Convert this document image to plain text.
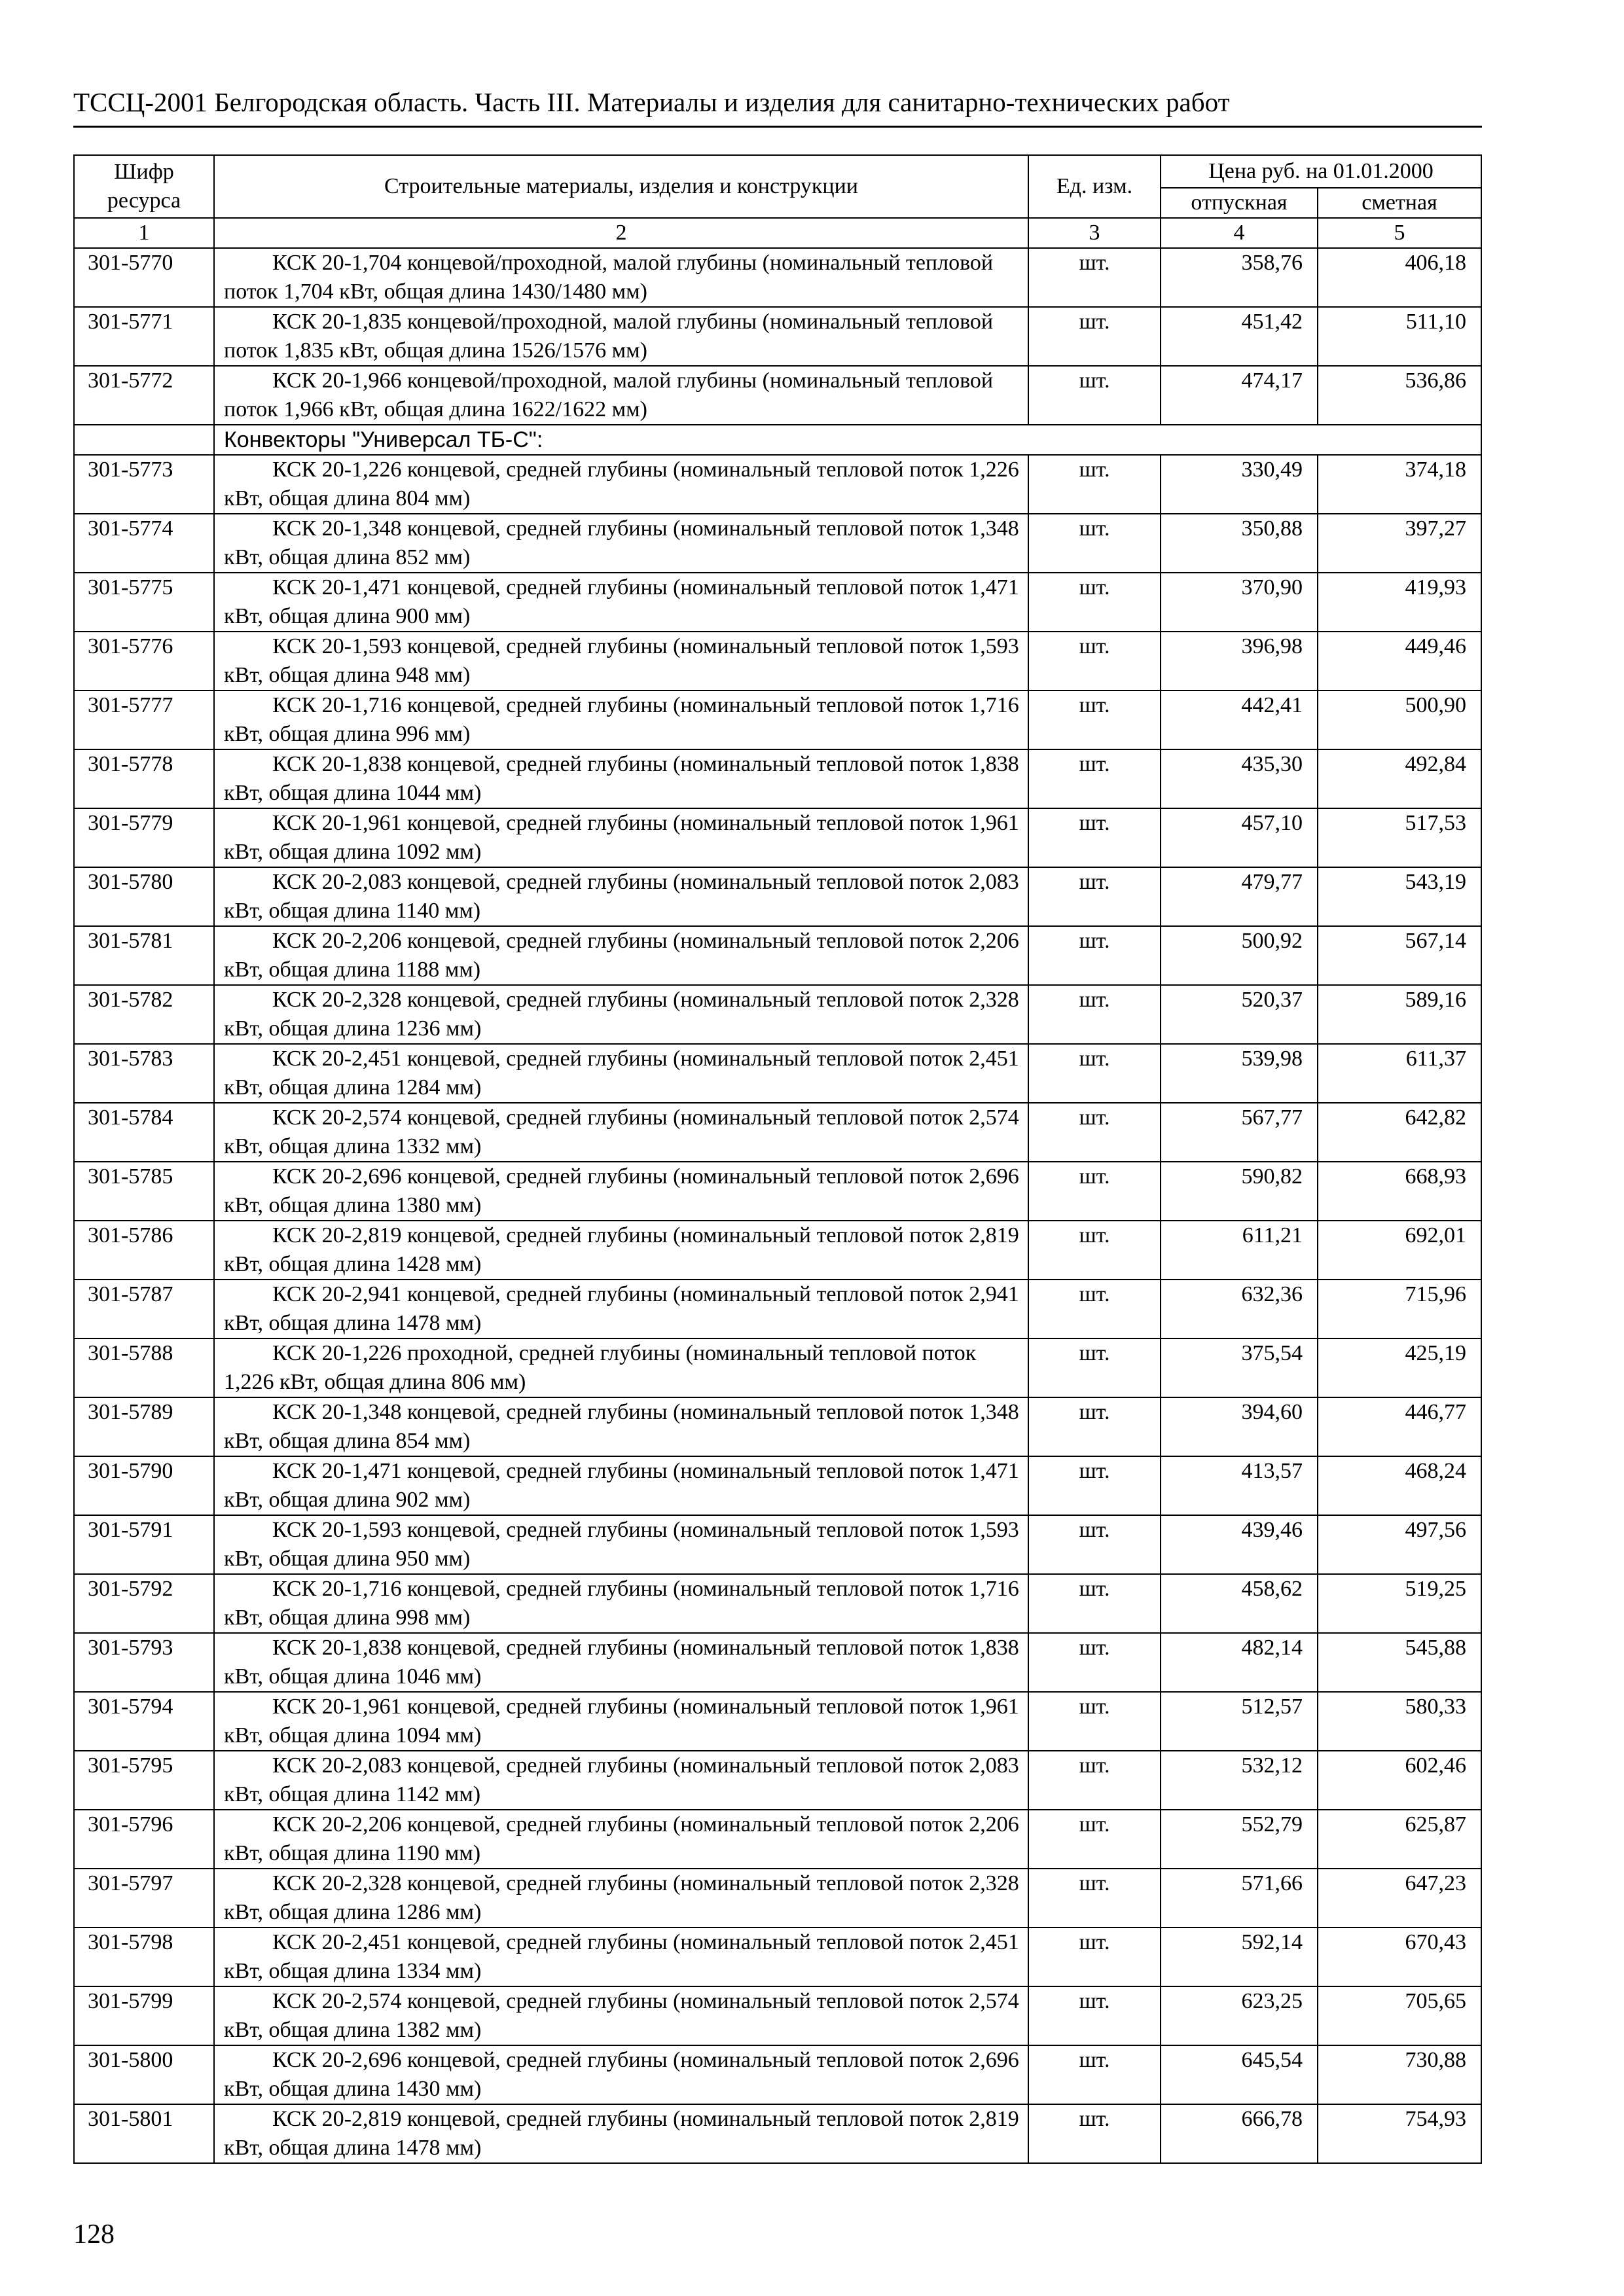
ТССЦ-2001 Белгородская область. Часть III. Материалы и изделия для санитарно-технических работ
Шифр ресурса	Строительные материалы, изделия и конструкции	Ед. изм.	Цена руб. на 01.01.2000	
			отпускная	сметная
1	2	3	4	5
301-5770	КСК 20-1,704 концевой/проходной, малой глубины (номинальный тепловой поток 1,704 кВт, общая длина 1430/1480 мм)	шт.	358,76	406,18
301-5771	КСК 20-1,835 концевой/проходной, малой глубины (номинальный тепловой поток 1,835 кВт, общая длина 1526/1576 мм)	шт.	451,42	511,10
301-5772	КСК 20-1,966 концевой/проходной, малой глубины (номинальный тепловой поток 1,966 кВт, общая длина 1622/1622 мм)	шт.	474,17	536,86
	Конвекторы "Универсал ТБ-С":			
301-5773	КСК 20-1,226 концевой, средней глубины (номинальный тепловой поток 1,226 кВт, общая длина 804 мм)	шт.	330,49	374,18
301-5774	КСК 20-1,348 концевой, средней глубины (номинальный тепловой поток 1,348 кВт, общая длина 852 мм)	шт.	350,88	397,27
301-5775	КСК 20-1,471 концевой, средней глубины (номинальный тепловой поток 1,471 кВт, общая длина 900 мм)	шт.	370,90	419,93
301-5776	КСК 20-1,593 концевой, средней глубины (номинальный тепловой поток 1,593 кВт, общая длина 948 мм)	шт.	396,98	449,46
301-5777	КСК 20-1,716 концевой, средней глубины (номинальный тепловой поток 1,716 кВт, общая длина 996 мм)	шт.	442,41	500,90
301-5778	КСК 20-1,838 концевой, средней глубины (номинальный тепловой поток 1,838 кВт, общая длина 1044 мм)	шт.	435,30	492,84
301-5779	КСК 20-1,961 концевой, средней глубины (номинальный тепловой поток 1,961 кВт, общая длина 1092 мм)	шт.	457,10	517,53
301-5780	КСК 20-2,083 концевой, средней глубины (номинальный тепловой поток 2,083 кВт, общая длина 1140 мм)	шт.	479,77	543,19
301-5781	КСК 20-2,206 концевой, средней глубины (номинальный тепловой поток 2,206 кВт, общая длина 1188 мм)	шт.	500,92	567,14
301-5782	КСК 20-2,328 концевой, средней глубины (номинальный тепловой поток 2,328 кВт, общая длина 1236 мм)	шт.	520,37	589,16
301-5783	КСК 20-2,451 концевой, средней глубины (номинальный тепловой поток 2,451 кВт, общая длина 1284 мм)	шт.	539,98	611,37
301-5784	КСК 20-2,574 концевой, средней глубины (номинальный тепловой поток 2,574 кВт, общая длина 1332 мм)	шт.	567,77	642,82
301-5785	КСК 20-2,696 концевой, средней глубины (номинальный тепловой поток 2,696 кВт, общая длина 1380 мм)	шт.	590,82	668,93
301-5786	КСК 20-2,819 концевой, средней глубины (номинальный тепловой поток 2,819 кВт, общая длина 1428 мм)	шт.	611,21	692,01
301-5787	КСК 20-2,941 концевой, средней глубины (номинальный тепловой поток 2,941 кВт, общая длина 1478 мм)	шт.	632,36	715,96
301-5788	КСК 20-1,226 проходной, средней глубины (номинальный тепловой поток 1,226 кВт, общая длина 806 мм)	шт.	375,54	425,19
301-5789	КСК 20-1,348 концевой, средней глубины (номинальный тепловой поток 1,348 кВт, общая длина 854 мм)	шт.	394,60	446,77
301-5790	КСК 20-1,471 концевой, средней глубины (номинальный тепловой поток 1,471 кВт, общая длина 902 мм)	шт.	413,57	468,24
301-5791	КСК 20-1,593 концевой, средней глубины (номинальный тепловой поток 1,593 кВт, общая длина 950 мм)	шт.	439,46	497,56
301-5792	КСК 20-1,716 концевой, средней глубины (номинальный тепловой поток 1,716 кВт, общая длина 998 мм)	шт.	458,62	519,25
301-5793	КСК 20-1,838 концевой, средней глубины (номинальный тепловой поток 1,838 кВт, общая длина 1046 мм)	шт.	482,14	545,88
301-5794	КСК 20-1,961 концевой, средней глубины (номинальный тепловой поток 1,961 кВт, общая длина 1094 мм)	шт.	512,57	580,33
301-5795	КСК 20-2,083 концевой, средней глубины (номинальный тепловой поток 2,083 кВт, общая длина 1142 мм)	шт.	532,12	602,46
301-5796	КСК 20-2,206 концевой, средней глубины (номинальный тепловой поток 2,206 кВт, общая длина 1190 мм)	шт.	552,79	625,87
301-5797	КСК 20-2,328 концевой, средней глубины (номинальный тепловой поток 2,328 кВт, общая длина 1286 мм)	шт.	571,66	647,23
301-5798	КСК 20-2,451 концевой, средней глубины (номинальный тепловой поток 2,451 кВт, общая длина 1334 мм)	шт.	592,14	670,43
301-5799	КСК 20-2,574 концевой, средней глубины (номинальный тепловой поток 2,574 кВт, общая длина 1382 мм)	шт.	623,25	705,65
301-5800	КСК 20-2,696 концевой, средней глубины (номинальный тепловой поток 2,696 кВт, общая длина 1430 мм)	шт.	645,54	730,88
301-5801	КСК 20-2,819 концевой, средней глубины (номинальный тепловой поток 2,819 кВт, общая длина 1478 мм)	шт.	666,78	754,93
128
